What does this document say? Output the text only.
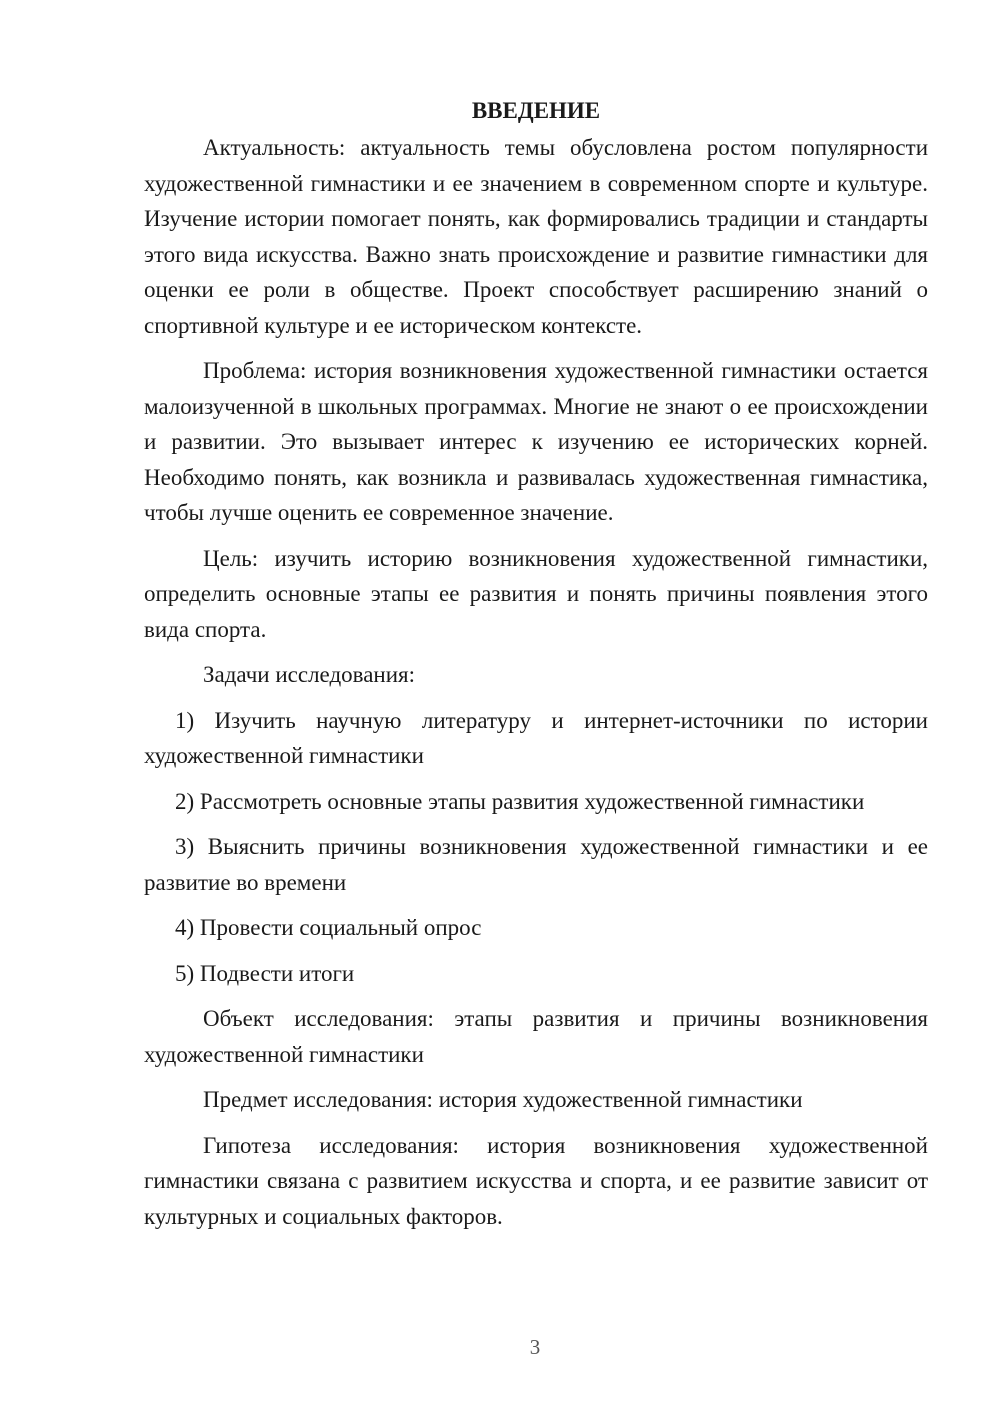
ВВЕДЕНИЕ

Актуальность: актуальность темы обусловлена ростом популярности художественной гимнастики и ее значением в современном спорте и культуре. Изучение истории помогает понять, как формировались традиции и стандарты этого вида искусства. Важно знать происхождение и развитие гимнастики для оценки ее роли в обществе. Проект способствует расширению знаний о спортивной культуре и ее историческом контексте.

Проблема: история возникновения художественной гимнастики остается малоизученной в школьных программах. Многие не знают о ее происхождении и развитии. Это вызывает интерес к изучению ее исторических корней. Необходимо понять, как возникла и развивалась художественная гимнастика, чтобы лучше оценить ее современное значение.

Цель: изучить историю возникновения художественной гимнастики, определить основные этапы ее развития и понять причины появления этого вида спорта.

Задачи исследования:

1) Изучить научную литературу и интернет-источники по истории художественной гимнастики

2) Рассмотреть основные этапы развития художественной гимнастики

3) Выяснить причины возникновения художественной гимнастики и ее развитие во времени

4) Провести социальный опрос

5) Подвести итоги

Объект исследования: этапы развития и причины возникновения художественной гимнастики

Предмет исследования: история художественной гимнастики

Гипотеза исследования: история возникновения художественной гимнастики связана с развитием искусства и спорта, и ее развитие зависит от культурных и социальных факторов.

3
